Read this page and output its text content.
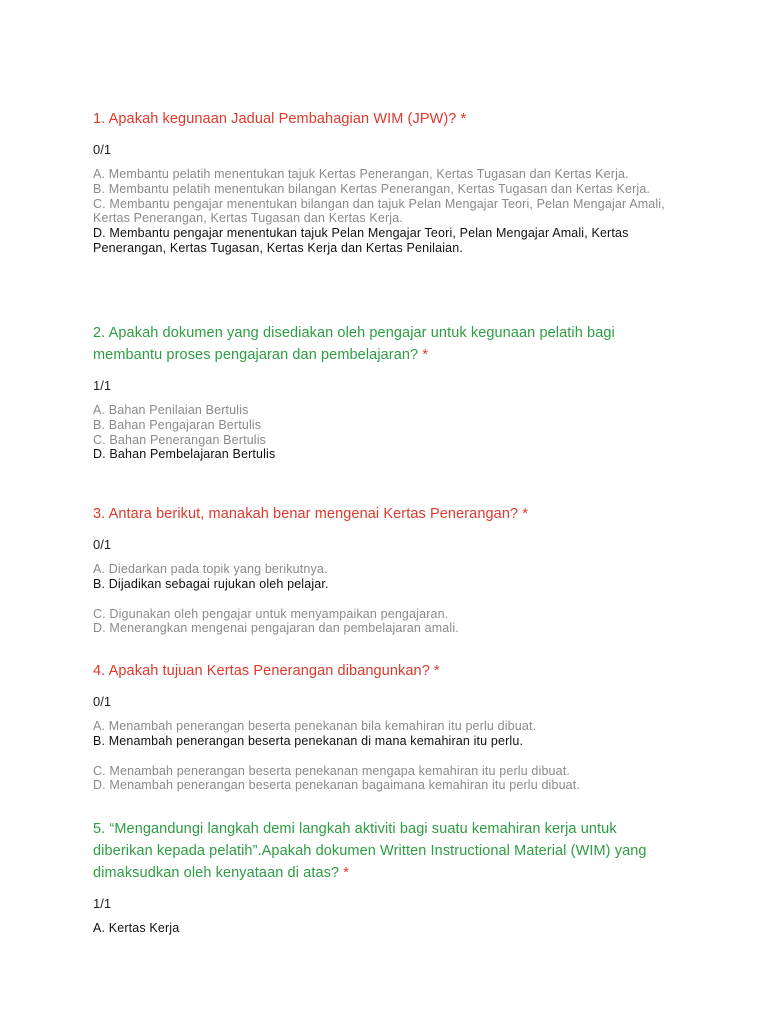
1. Apakah kegunaan Jadual Pembahagian WIM (JPW)? *

0/1

A. Membantu pelatih menentukan tajuk Kertas Penerangan, Kertas Tugasan dan Kertas Kerja.

B. Membantu pelatih menentukan bilangan Kertas Penerangan, Kertas Tugasan dan Kertas Kerja.

C. Membantu pengajar menentukan bilangan dan tajuk Pelan Mengajar Teori, Pelan Mengajar Amali, Kertas Penerangan, Kertas Tugasan dan Kertas Kerja.

D. Membantu pengajar menentukan tajuk Pelan Mengajar Teori, Pelan Mengajar Amali, Kertas Penerangan, Kertas Tugasan, Kertas Kerja dan Kertas Penilaian.

2. Apakah dokumen yang disediakan oleh pengajar untuk kegunaan pelatih bagi membantu proses pengajaran dan pembelajaran? *

1/1

A. Bahan Penilaian Bertulis

B. Bahan Pengajaran Bertulis

C. Bahan Penerangan Bertulis

D. Bahan Pembelajaran Bertulis

3. Antara berikut, manakah benar mengenai Kertas Penerangan? *

0/1

A. Diedarkan pada topik yang berikutnya.

B. Dijadikan sebagai rujukan oleh pelajar.

C. Digunakan oleh pengajar untuk menyampaikan pengajaran.

D. Menerangkan mengenai pengajaran dan pembelajaran amali.

4. Apakah tujuan Kertas Penerangan dibangunkan? *

0/1

A. Menambah penerangan beserta penekanan bila kemahiran itu perlu dibuat.

B. Menambah penerangan beserta penekanan di mana kemahiran itu perlu.

C. Menambah penerangan beserta penekanan mengapa kemahiran itu perlu dibuat.

D. Menambah penerangan beserta penekanan bagaimana kemahiran itu perlu dibuat.

5. “Mengandungi langkah demi langkah aktiviti bagi suatu kemahiran kerja untuk diberikan kepada pelatih”.Apakah dokumen Written Instructional Material (WIM) yang dimaksudkan oleh kenyataan di atas? *

1/1

A. Kertas Kerja
